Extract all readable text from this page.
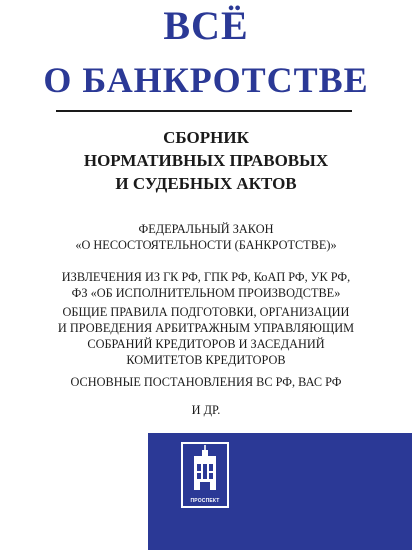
ВСЁ
О БАНКРОТСТВЕ
СБОРНИК
НОРМАТИВНЫХ ПРАВОВЫХ
И СУДЕБНЫХ АКТОВ
ФЕДЕРАЛЬНЫЙ ЗАКОН
«О НЕСОСТОЯТЕЛЬНОСТИ (БАНКРОТСТВЕ)»
ИЗВЛЕЧЕНИЯ ИЗ ГК РФ, ГПК РФ, КоАП РФ, УК РФ,
ФЗ «ОБ ИСПОЛНИТЕЛЬНОМ ПРОИЗВОДСТВЕ»
ОБЩИЕ ПРАВИЛА ПОДГОТОВКИ, ОРГАНИЗАЦИИ
И ПРОВЕДЕНИЯ АРБИТРАЖНЫМ УПРАВЛЯЮЩИМ
СОБРАНИЙ КРЕДИТОРОВ И ЗАСЕДАНИЙ
КОМИТЕТОВ КРЕДИТОРОВ
ОСНОВНЫЕ ПОСТАНОВЛЕНИЯ ВС РФ, ВАС РФ
И ДР.
ПРОСПЕКТ
